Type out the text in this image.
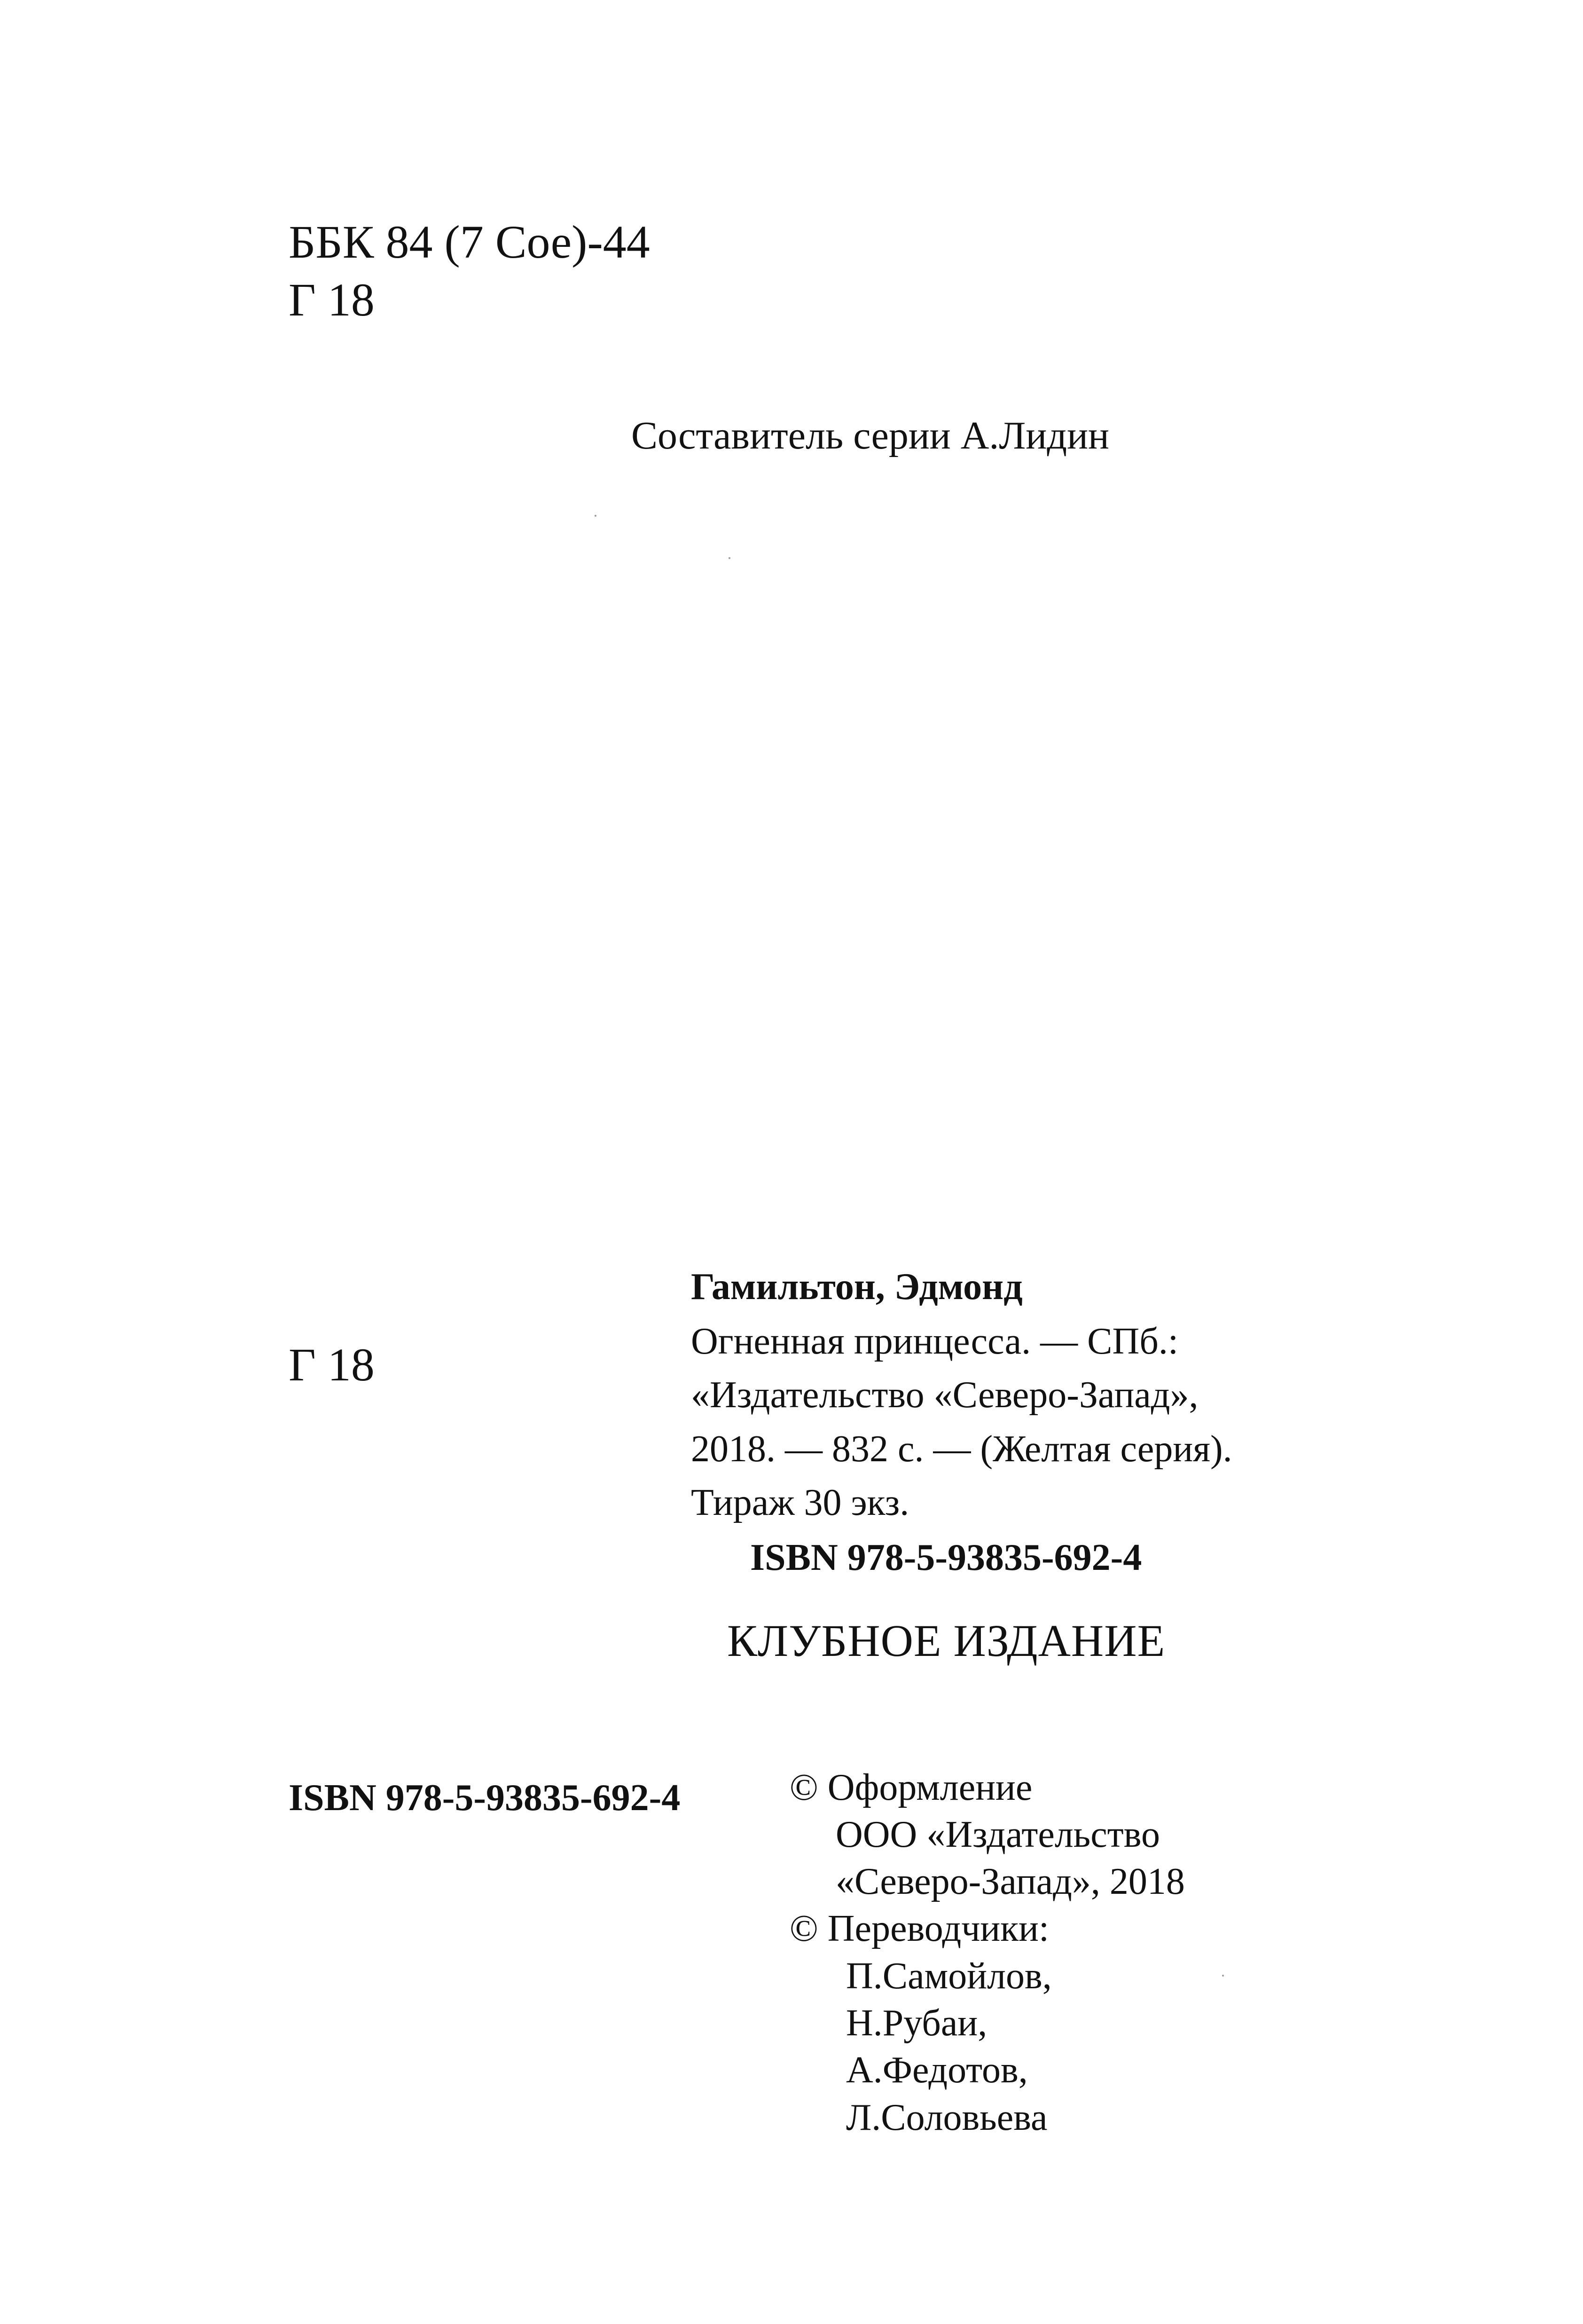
ББК 84 (7 Сое)-44
Г 18
Составитель серии А.Лидин
Г 18
Гамильтон, Эдмонд
Огненная принцесса. — СПб.:
«Издательство «Северо-Запад»,
2018. — 832 с. — (Желтая серия).
Тираж 30 экз.
ISBN 978-5-93835-692-4
КЛУБНОЕ ИЗДАНИЕ
ISBN 978-5-93835-692-4	© Оформление
ООО «Издательство
«Северо-Запад», 2018
© Переводчики:
П.Самойлов,
Н.Рубаи,
А.Федотов,
Л.Соловьева
